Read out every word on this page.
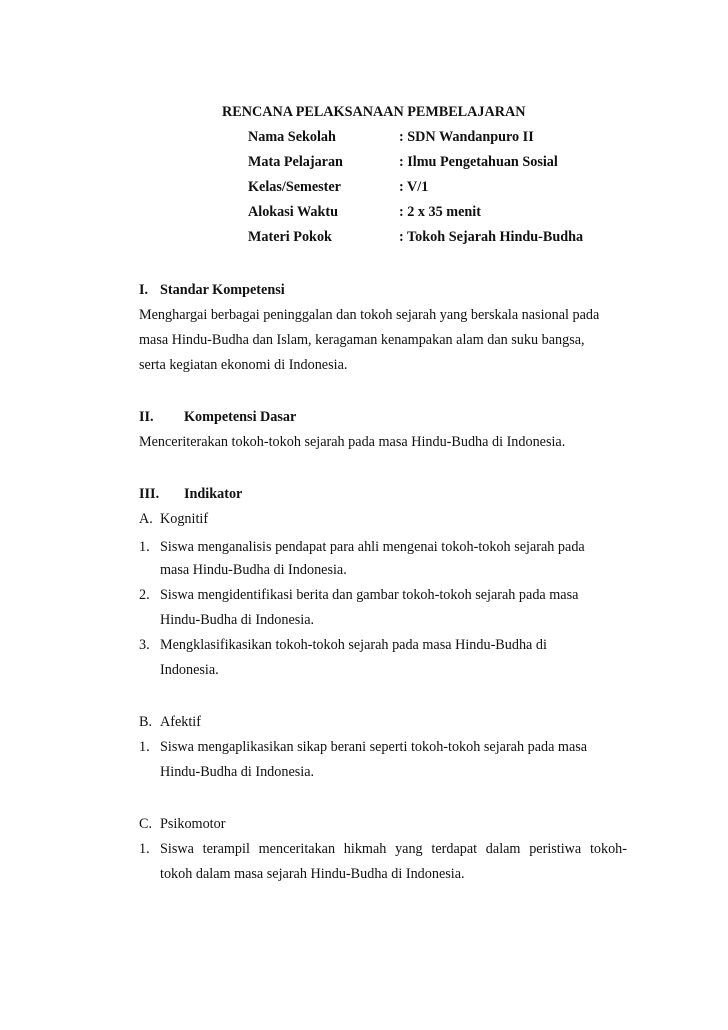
RENCANA PELAKSANAAN PEMBELAJARAN
Nama Sekolah	: SDN Wandanpuro II
Mata Pelajaran	: Ilmu Pengetahuan Sosial
Kelas/Semester	: V/1
Alokasi Waktu	: 2 x 35 menit
Materi Pokok	: Tokoh Sejarah Hindu-Budha
I. Standar Kompetensi
Menghargai berbagai peninggalan dan tokoh sejarah yang berskala nasional pada
masa Hindu-Budha dan Islam, keragaman kenampakan alam dan suku bangsa,
serta kegiatan ekonomi di Indonesia.
II. Kompetensi Dasar
Menceriterakan tokoh-tokoh sejarah pada masa Hindu-Budha di Indonesia.
III. Indikator
A. Kognitif
1. Siswa menganalisis pendapat para ahli mengenai tokoh-tokoh sejarah pada
masa Hindu-Budha di Indonesia.
2. Siswa mengidentifikasi berita dan gambar tokoh-tokoh sejarah pada masa
Hindu-Budha di Indonesia.
3. Mengklasifikasikan tokoh-tokoh sejarah pada masa Hindu-Budha di
Indonesia.
B. Afektif
1. Siswa mengaplikasikan sikap berani seperti tokoh-tokoh sejarah pada masa
Hindu-Budha di Indonesia.
C. Psikomotor
1. Siswa terampil menceritakan hikmah yang terdapat dalam peristiwa tokoh-
tokoh dalam masa sejarah Hindu-Budha di Indonesia.
